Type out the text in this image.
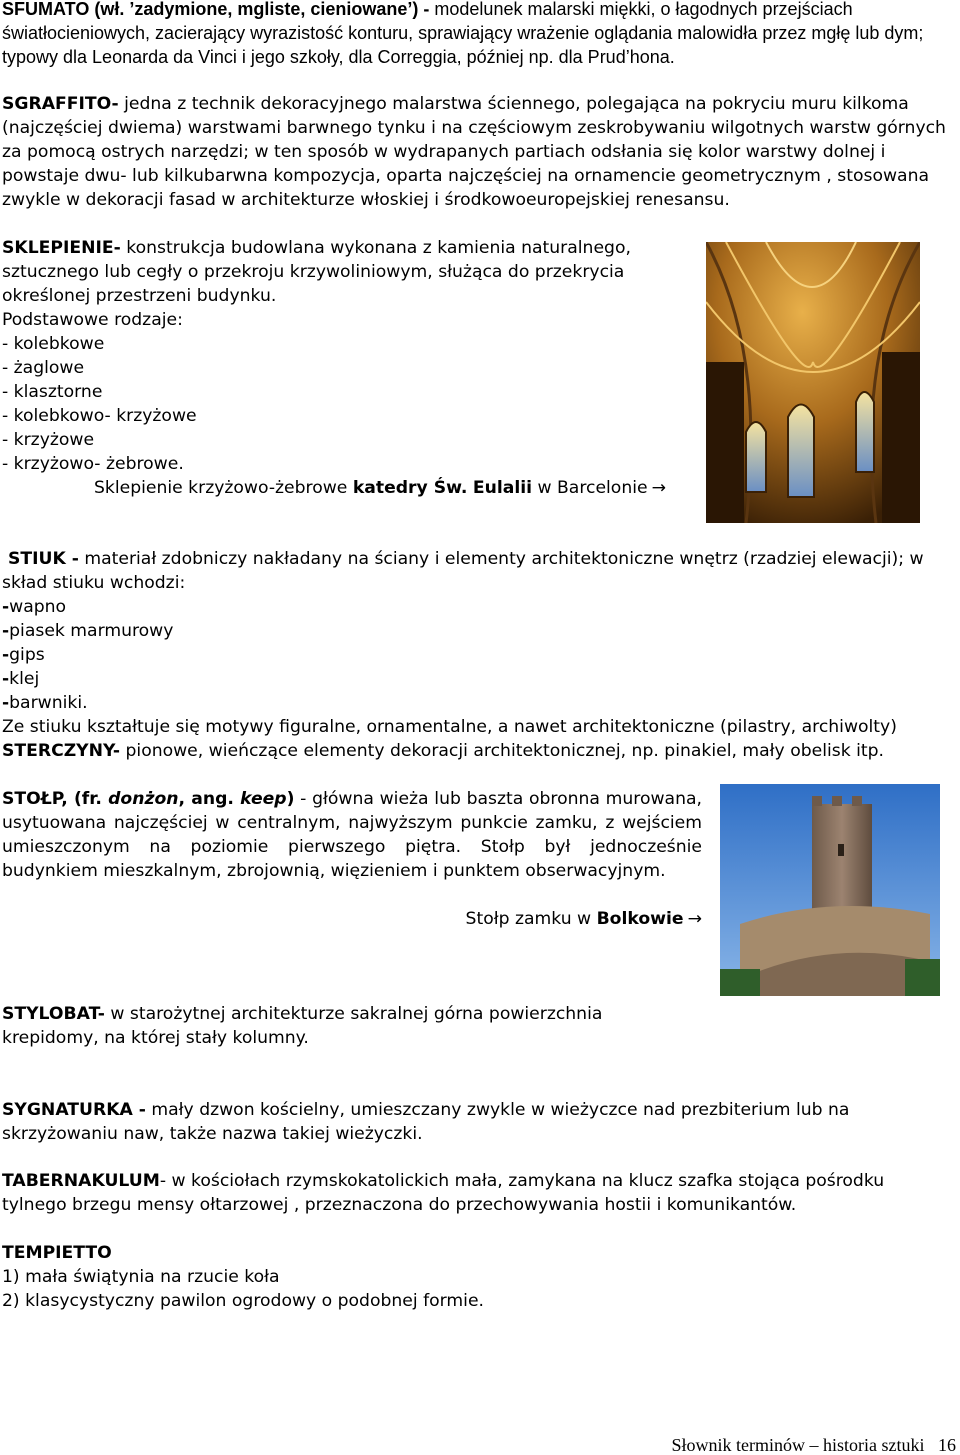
SFUMATO (wł. ’zadymione, mgliste, cieniowane’) - modelunek malarski miękki, o łagodnych przejściach światłocieniowych, zacierający wyrazistość konturu, sprawiający wrażenie oglądania malowidła przez mgłę lub dym; typowy dla Leonarda da Vinci i jego szkoły, dla Correggia, później np. dla Prud’hona.

SGRAFFITO- jedna z technik dekoracyjnego malarstwa ściennego, polegająca na pokryciu muru kilkoma (najczęściej dwiema) warstwami barwnego tynku i na częściowym zeskrobywaniu wilgotnych warstw górnych za pomocą ostrych narzędzi; w ten sposób w wydrapanych partiach odsłania się kolor warstwy dolnej i powstaje dwu- lub kilkubarwna kompozycja, oparta najczęściej na ornamencie geometrycznym , stosowana zwykle w dekoracji fasad w architekturze włoskiej i środkowoeuropejskiej renesansu.

SKLEPIENIE- konstrukcja budowlana wykonana z kamienia naturalnego, sztucznego lub cegły o przekroju krzywoliniowym, służąca do przekrycia określonej przestrzeni budynku.

Podstawowe rodzaje:

- kolebkowe

- żaglowe

- klasztorne

- kolebkowo- krzyżowe

- krzyżowe

- krzyżowo- żebrowe.

Sklepienie krzyżowo-żebrowe katedry Św. Eulalii w Barcelonie →

STIUK - materiał zdobniczy nakładany na ściany i elementy architektoniczne wnętrz (rzadziej elewacji); w skład stiuku wchodzi:

-wapno

-piasek marmurowy

-gips

-klej

-barwniki.

Ze stiuku kształtuje się motywy figuralne, ornamentalne, a nawet architektoniczne (pilastry, archiwolty)

STERCZYNY- pionowe, wieńczące elementy dekoracji architektonicznej, np. pinakiel, mały obelisk itp.

STOŁP, (fr. donżon, ang. keep) - główna wieża lub baszta obronna murowana, usytuowana najczęściej w centralnym, najwyższym punkcie zamku, z wejściem umieszczonym na poziomie pierwszego piętra. Stołp był jednocześnie budynkiem mieszkalnym, zbrojownią, więzieniem i punktem obserwacyjnym.

Stołp zamku w Bolkowie →

STYLOBAT- w starożytnej architekturze sakralnej górna powierzchnia krepidomy, na której stały kolumny.

SYGNATURKA - mały dzwon kościelny, umieszczany zwykle w wieżyczce nad prezbiterium lub na skrzyżowaniu naw, także nazwa takiej wieżyczki.

TABERNAKULUM- w kościołach rzymskokatolickich mała, zamykana na klucz szafka stojąca pośrodku tylnego brzegu mensy ołtarzowej , przeznaczona do przechowywania hostii i komunikantów.

TEMPIETTO

1) mała świątynia na rzucie koła

2) klasycystyczny pawilon ogrodowy o podobnej formie.

Słownik terminów – historia sztuki 16
